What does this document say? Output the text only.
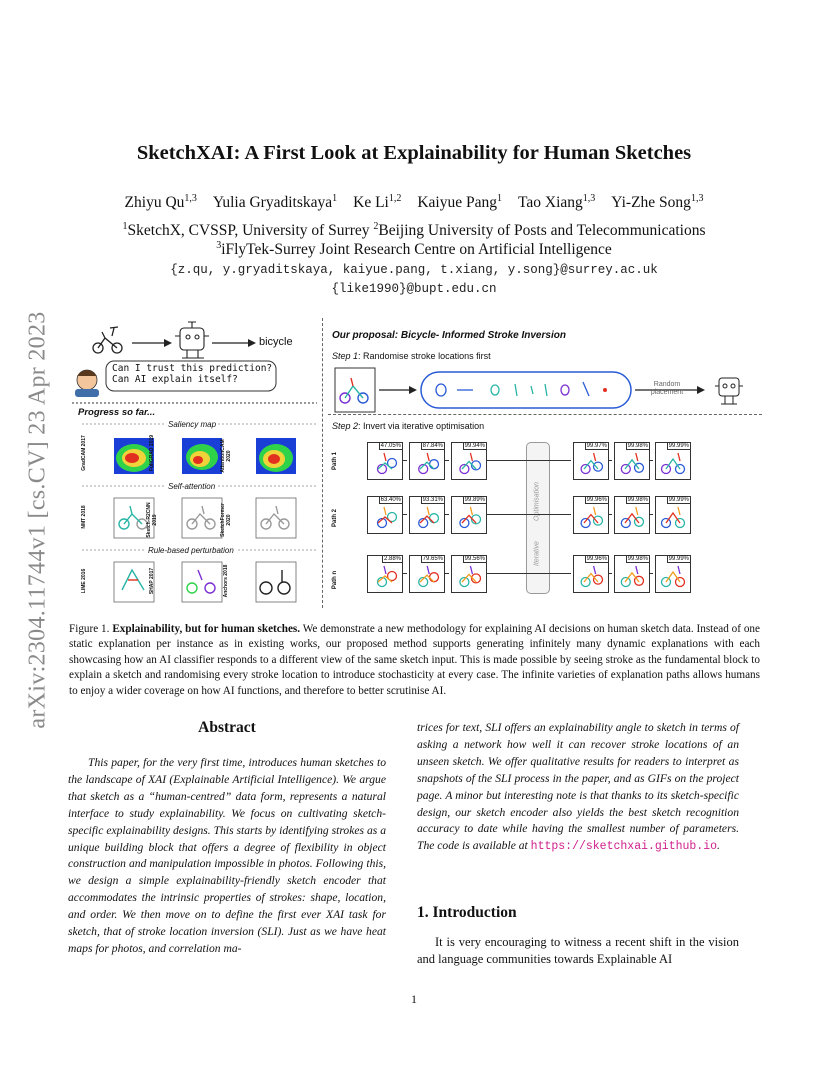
arXiv:2304.11744v1 [cs.CV] 23 Apr 2023
SketchXAI: A First Look at Explainability for Human Sketches
Zhiyu Qu$^{1,3}$ Yulia Gryaditskaya$^1$ Ke Li$^{1,2}$ Kaiyue Pang$^1$ Tao Xiang$^{1,3}$ Yi-Zhe Song$^{1,3}$
$^1$SketchX, CVSSP, University of Surrey $^2$Beijing University of Posts and Telecommunications
$^3$iFlyTek-Surrey Joint Research Centre on Artificial Intelligence
{z.qu, y.gryaditskaya, kaiyue.pang, t.xiang, y.song}@surrey.ac.uk
{like1990}@bupt.edu.cn
bicycle
Can I trust this prediction?
Can AI explain itself?
Progress so far...
Saliency map
Self-attention
Rule-based perturbation
GradCAM 2017	FullGRAD 2019	AttentionCAM 2020
NMT 2018	Sketch-R2CNN 2019	SketchFormer 2020
LIME 2016	SHAP 2017	Anchors 2018
Our proposal: Bicycle- Informed Stroke Inversion
Step 1: Randomise stroke locations first
Random
placement
Step 2: Invert via iterative optimisation
Path 1
Path 2
Path n
Optimisation
Iterative
47.05%	87.84%	99.94%	99.97%	99.98%	99.99%
63.40%	93.31%	99.89%	99.96%	99.98%	99.99%
2.88%	79.65%	99.56%	99.96%	99.98%	99.99%
Figure 1. Explainability, but for human sketches. We demonstrate a new methodology for explaining AI decisions on human sketch data. Instead of one static explanation per instance as in existing works, our proposed method supports generating infinitely many dynamic explanations with each showcasing how an AI classifier responds to a different view of the same sketch input. This is made possible by seeing stroke as the fundamental block to explain a sketch and randomising every stroke location to introduce stochasticity at every case. The infinite varieties of explanation paths allows humans to enjoy a wider coverage on how AI functions, and therefore to better scrutinise AI.
Abstract
This paper, for the very first time, introduces human sketches to the landscape of XAI (Explainable Artificial Intelligence). We argue that sketch as a “human-centred” data form, represents a natural interface to study explainability. We focus on cultivating sketch-specific explainability designs. This starts by identifying strokes as a unique building block that offers a degree of flexibility in object construction and manipulation impossible in photos. Following this, we design a simple explainability-friendly sketch encoder that accommodates the intrinsic properties of strokes: shape, location, and order. We then move on to define the first ever XAI task for sketch, that of stroke location inversion (SLI). Just as we have heat maps for photos, and correlation ma-
trices for text, SLI offers an explainability angle to sketch in terms of asking a network how well it can recover stroke locations of an unseen sketch. We offer qualitative results for readers to interpret as snapshots of the SLI process in the paper, and as GIFs on the project page. A minor but interesting note is that thanks to its sketch-specific design, our sketch encoder also yields the best sketch recognition accuracy to date while having the smallest number of parameters. The code is available at https://sketchxai.github.io.
1. Introduction
It is very encouraging to witness a recent shift in the vision and language communities towards Explainable AI
1
